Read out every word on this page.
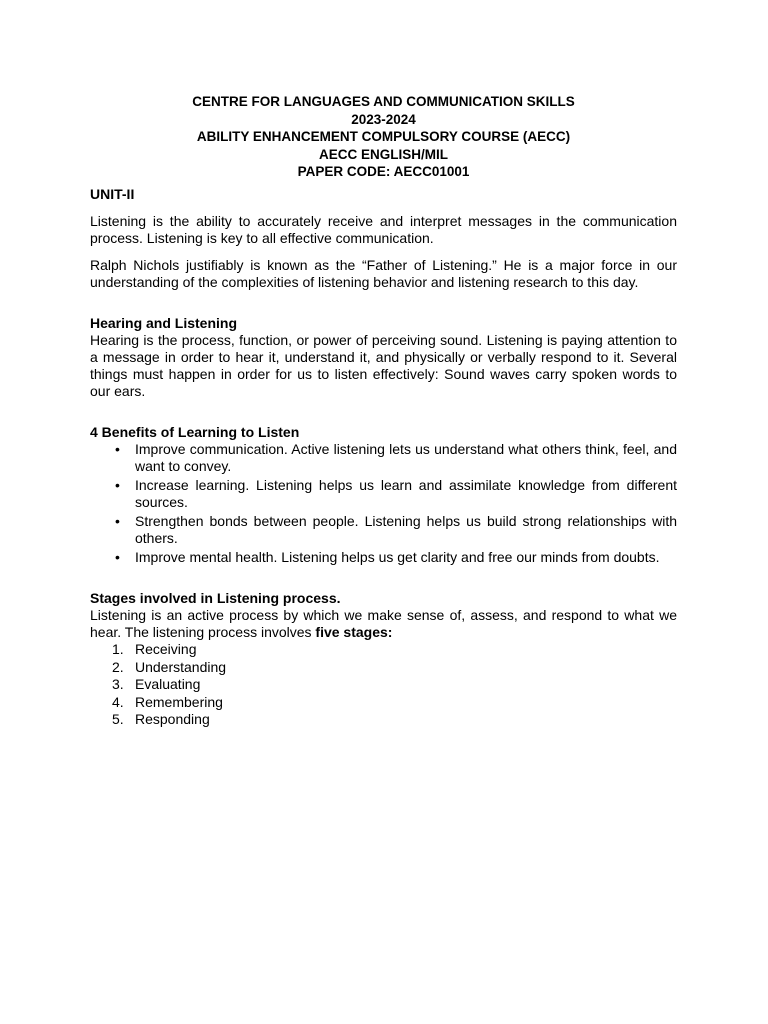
CENTRE FOR LANGUAGES AND COMMUNICATION SKILLS
2023-2024
ABILITY ENHANCEMENT COMPULSORY COURSE (AECC)
AECC ENGLISH/MIL
PAPER CODE: AECC01001
UNIT-II

Listening is the ability to accurately receive and interpret messages in the communication process. Listening is key to all effective communication.

Ralph Nichols justifiably is known as the “Father of Listening.” He is a major force in our understanding of the complexities of listening behavior and listening research to this day.

Hearing and Listening

Hearing is the process, function, or power of perceiving sound. Listening is paying attention to a message in order to hear it, understand it, and physically or verbally respond to it. Several things must happen in order for us to listen effectively: Sound waves carry spoken words to our ears.

4 Benefits of Learning to Listen
• Improve communication. Active listening lets us understand what others think, feel, and want to convey.
• Increase learning. Listening helps us learn and assimilate knowledge from different sources.
• Strengthen bonds between people. Listening helps us build strong relationships with others.
• Improve mental health. Listening helps us get clarity and free our minds from doubts.
Stages involved in Listening process.

Listening is an active process by which we make sense of, assess, and respond to what we hear. The listening process involves five stages:

1. Receiving
2. Understanding
3. Evaluating
4. Remembering
5. Responding
